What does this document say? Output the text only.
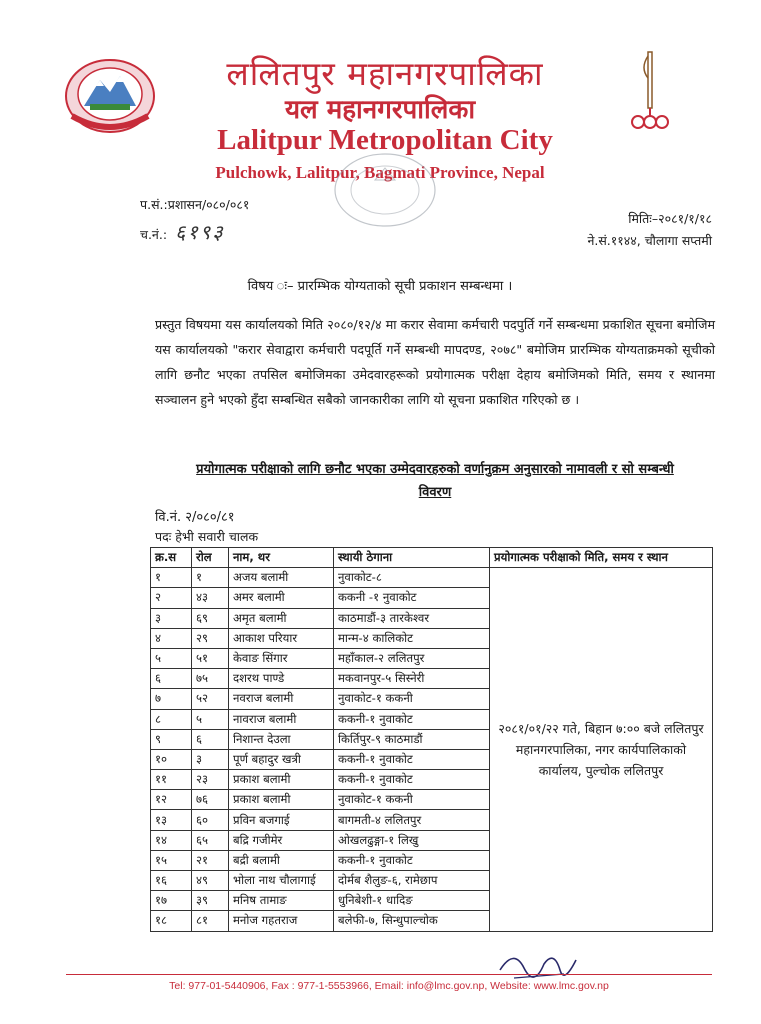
ललितपुर महानगरपालिका
यल महानगरपालिका
Lalitpur Metropolitan City
Pulchowk, Lalitpur, Bagmati Province, Nepal
प.सं.:प्रशासन/०८०/०८१
च.नं.: ६१९३
मितिः–२०८१/१/१८
ने.सं.११४४, चौलागा सप्तमी
विषय ः– प्रारम्भिक योग्यताको सूची प्रकाशन सम्बन्धमा ।
प्रस्तुत विषयमा यस कार्यालयको मिति २०८०/१२/४ मा करार सेवामा कर्मचारी पदपुर्ति गर्ने सम्बन्धमा प्रकाशित सूचना बमोजिम यस कार्यालयको "करार सेवाद्वारा कर्मचारी पदपूर्ति गर्ने सम्बन्धी मापदण्ड, २०७८" बमोजिम प्रारम्भिक योग्यताक्रमको सूचीको लागि छनौट भएका तपसिल बमोजिमका उमेदवारहरूको प्रयोगात्मक परीक्षा देहाय बमोजिमको मिति, समय र स्थानमा सञ्चालन हुने भएको हुँदा सम्बन्धित सबैको जानकारीका लागि यो सूचना प्रकाशित गरिएको छ ।
प्रयोगात्मक परीक्षाको लागि छनौट भएका उम्मेदवारहरुको वर्णानुक्रम अनुसारको नामावली र सो सम्बन्धी
विवरण
वि.नं. २/०८०/८१
पदः हेभी सवारी चालक
क्र.स	रोल	नाम, थर	स्थायी ठेगाना	प्रयोगात्मक परीक्षाको मिति, समय र स्थान
१	१	अजय बलामी	नुवाकोट-८	२०८१/०१/२२ गते, बिहान ७:०० बजे ललितपुर महानगरपालिका, नगर कार्यपालिकाको कार्यालय, पुल्चोक ललितपुर
२	४३	अमर बलामी	ककनी -१ नुवाकोट	
३	६९	अमृत बलामी	काठमाडौं-३ तारकेश्वर	
४	२९	आकाश परियार	मान्म-४ कालिकोट	
५	५१	केवाङ सिंगार	महाँकाल-२ ललितपुर	
६	७५	दशरथ पाण्डे	मकवानपुर-५ सिस्नेरी	
७	५२	नवराज बलामी	नुवाकोट-१ ककनी	
८	५	नावराज बलामी	ककनी-१ नुवाकोट	
९	६	निशान्त देउला	किर्तिपुर-९ काठमाडौं	
१०	३	पूर्ण बहादुर खत्री	ककनी-१ नुवाकोट	
११	२३	प्रकाश बलामी	ककनी-१ नुवाकोट	
१२	७६	प्रकाश बलामी	नुवाकोट-१ ककनी	
१३	६०	प्रविन बजगाई	बागमती-४ ललितपुर	
१४	६५	बद्रि गजीमेर	ओखलढुङ्गा-१ लिखु	
१५	२१	बद्री बलामी	ककनी-१ नुवाकोट	
१६	४९	भोला नाथ चौलागाई	दोर्मब शैलुङ-६, रामेछाप	
१७	३९	मनिष तामाङ	धुनिबेशी-१ धादिङ	
१८	८१	मनोज गहतराज	बलेफी-७, सिन्धुपाल्चोक	
Tel: 977-01-5440906, Fax : 977-1-5553966, Email: info@lmc.gov.np, Website: www.lmc.gov.np
